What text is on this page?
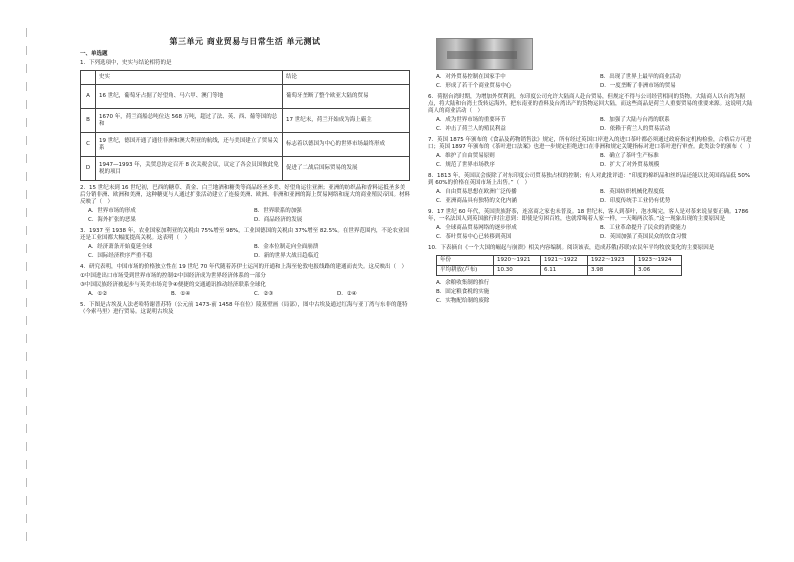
第三单元 商业贸易与日常生活 单元测试
一、单选题
1．下列选项中，史实与结论相符的是
	史实	结论
A	16 世纪，葡萄牙占据了好望角、马六甲、澳门等地	葡萄牙垄断了整个欧亚大陆的贸易
B	1670 年，荷兰商船总吨位达 568 万吨，超过了法、英、西、葡等国的总和	17 世纪末，荷兰开始成为海上霸主
C	19 世纪，德国开通了通往非洲和澳大利亚的航线，还与美国建立了贸易关系	标志着以德国为中心的世界市场最终形成
D	1947—1993 年，关贸总协定召开 8 次关税会议，议定了各会员国彼此免税的项目	促进了二战后国际贸易的发展
2．15 世纪末到 16 世纪初，巴西的糖草、黄金、白兰地酒和糖类等商品经圣多美、好望角运往亚洲；亚洲的纺织品和香料运抵圣多美后分销非洲、欧洲和美洲，这种糖更与人通过扩张活动建立了连接美洲、欧洲、非洲和亚洲的海上贸易网络和庞大的商业殖民帝国。材料反映了（　）
A．世界市场的形成	B．世界联系的加强
C．海外扩张的恶果	D．商品经济的发展
3．1937 至 1938 年，农业国家加利亚的关税由 75%增至 98%，工业国德国的关税由 37%增至 82.5%。在世界范围内，不论农业国还是工业国都大幅度提高关税。这表明（　）
A．经济萧条开始蔓延全球	B．金本位制走向全面崩溃
C．国际经济秩序严重不稳	D．新的世界大战日趋临近
4．研究表明，中国市场的价格独立性在 19 世纪 70 年代随着苏伊士运河的开通和上海至伦敦电报线路的建通而丧失。这反映出（　）
①中国进出口市场受到世界市场的控制②中国经济成为世界经济体系的一部分
③中国民族经济被起步与英美市场竞争④便捷的交通通讯推动经济联系全球化
A．①②	B．①④	C．②③	D．②④
5．下图是古埃及人法老哈特谢普苏特（公元前 1473-前 1458 年在位）陵墓壁画（局部），图中古埃及通过红海与亚丁湾与东非的蓬特（今索马里）进行贸易。这说明古埃及
A．对外贸易控制在国家手中	B．出现了世界上最早的商业活动
C．形成了若干个商业贸易中心	D．一度垄断了非洲市场的贸易
6．荷据台湾时期，为增加外贸利润，东印度公司允许大陆商人赴台贸易，但规定不得与公司经营相同的货物。大陆商人以台湾为据点，将大陆和台湾土货转运海外，把东南亚的香料及台湾出产的货物运回大陆，而这些商品是荷兰人重要贸易的重要来源。这说明大陆商人的商业活动（　）
A．成为世界市场的重要环节	B．加强了大陆与台湾的联系
C．冲击了荷兰人的殖民利益	D．依赖于荷兰人的贸易活动
7．英国 1875 年颁布的《食品及药物销售法》规定，所有经过英国口岸进入的进口茶叶都必须通过政府指定机构检验，合格后方可进口；英国 1897 年颁布的《茶叶进口法案》也进一步规定拒绝进口在非洲和规定关键指标对进口茶叶进行审查。此类法令的颁布（　）
A．维护了自由贸易原则	B．确立了茶叶生产标准
C．规范了世界市场秩序	D．扩大了对外贸易规模
8．1813 年，英国议会废除了对东印度公司贸易独占权的控制；有人对此批评道：“印度的棉织品和丝织品还能以比英国商品低 50%到 60%的价格在英国市场上出售。”（　）
A．自由贸易思想在欧洲广泛传播	B．英国纺织机械化程度低
C．亚洲商品具有独特的文化内涵	D．印度传统手工业仍有优势
9．17 世纪 60 年代，英国贵族舒茶，连富商之家也未普及。18 世纪末，客人到茶叶，泡水喝完，客人是对茶来说显要正确。1786 年，一名法国人到英国旅行时注意到：即使是穷困百姓，也就常喝着人家一样，一天喝两次茶。”这一现象出现的主要原因是
A．全球商品贸易网络的逐步形成	B．工业革命提升了民众的消费能力
C．茶叶贸易中心已转移到英国	D．英国加强了英国民众的饮食习惯
10．下表摘自《一个大国的崛起与崩溃》相关内容编制。阅读该表，造成苏俄(苏联)农民年平均牧放变化的主要原因是
年份	1920～1921	1921～1922	1922～1923	1923～1924
平均耕放(卢布)	10.30	6.11	3.98	3.06
A．余粮收集制的推行
B．固定粮食税的实施
C．实物配给制的废除
